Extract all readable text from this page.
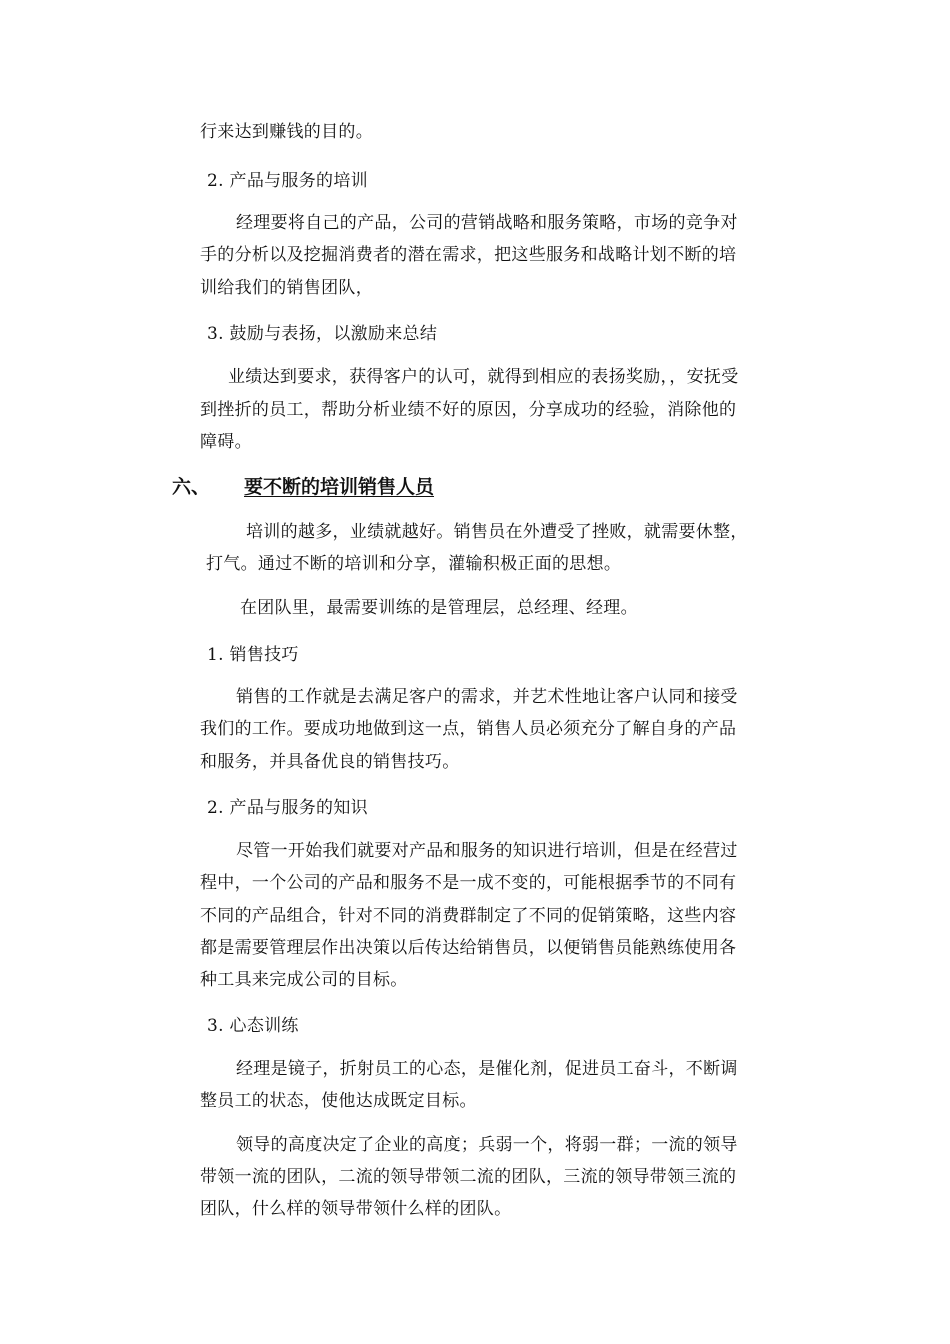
行来达到赚钱的目的。
2. 产品与服务的培训
经理要将自己的产品，公司的营销战略和服务策略，市场的竞争对
手的分析以及挖掘消费者的潜在需求，把这些服务和战略计划不断的培
训给我们的销售团队，
3. 鼓励与表扬，以激励来总结
业绩达到要求，获得客户的认可，就得到相应的表扬奖励，，安抚受
到挫折的员工，帮助分析业绩不好的原因，分享成功的经验，消除他的
障碍。
六、 要不断的培训销售人员
培训的越多，业绩就越好。销售员在外遭受了挫败，就需要休整，
打气。通过不断的培训和分享，灌输积极正面的思想。
在团队里，最需要训练的是管理层，总经理、经理。
1. 销售技巧
销售的工作就是去满足客户的需求，并艺术性地让客户认同和接受
我们的工作。要成功地做到这一点，销售人员必须充分了解自身的产品
和服务，并具备优良的销售技巧。
2. 产品与服务的知识
尽管一开始我们就要对产品和服务的知识进行培训，但是在经营过
程中，一个公司的产品和服务不是一成不变的，可能根据季节的不同有
不同的产品组合，针对不同的消费群制定了不同的促销策略，这些内容
都是需要管理层作出决策以后传达给销售员，以便销售员能熟练使用各
种工具来完成公司的目标。
3. 心态训练
经理是镜子，折射员工的心态，是催化剂，促进员工奋斗，不断调
整员工的状态，使他达成既定目标。
领导的高度决定了企业的高度；兵弱一个，将弱一群；一流的领导
带领一流的团队，二流的领导带领二流的团队，三流的领导带领三流的
团队，什么样的领导带领什么样的团队。
